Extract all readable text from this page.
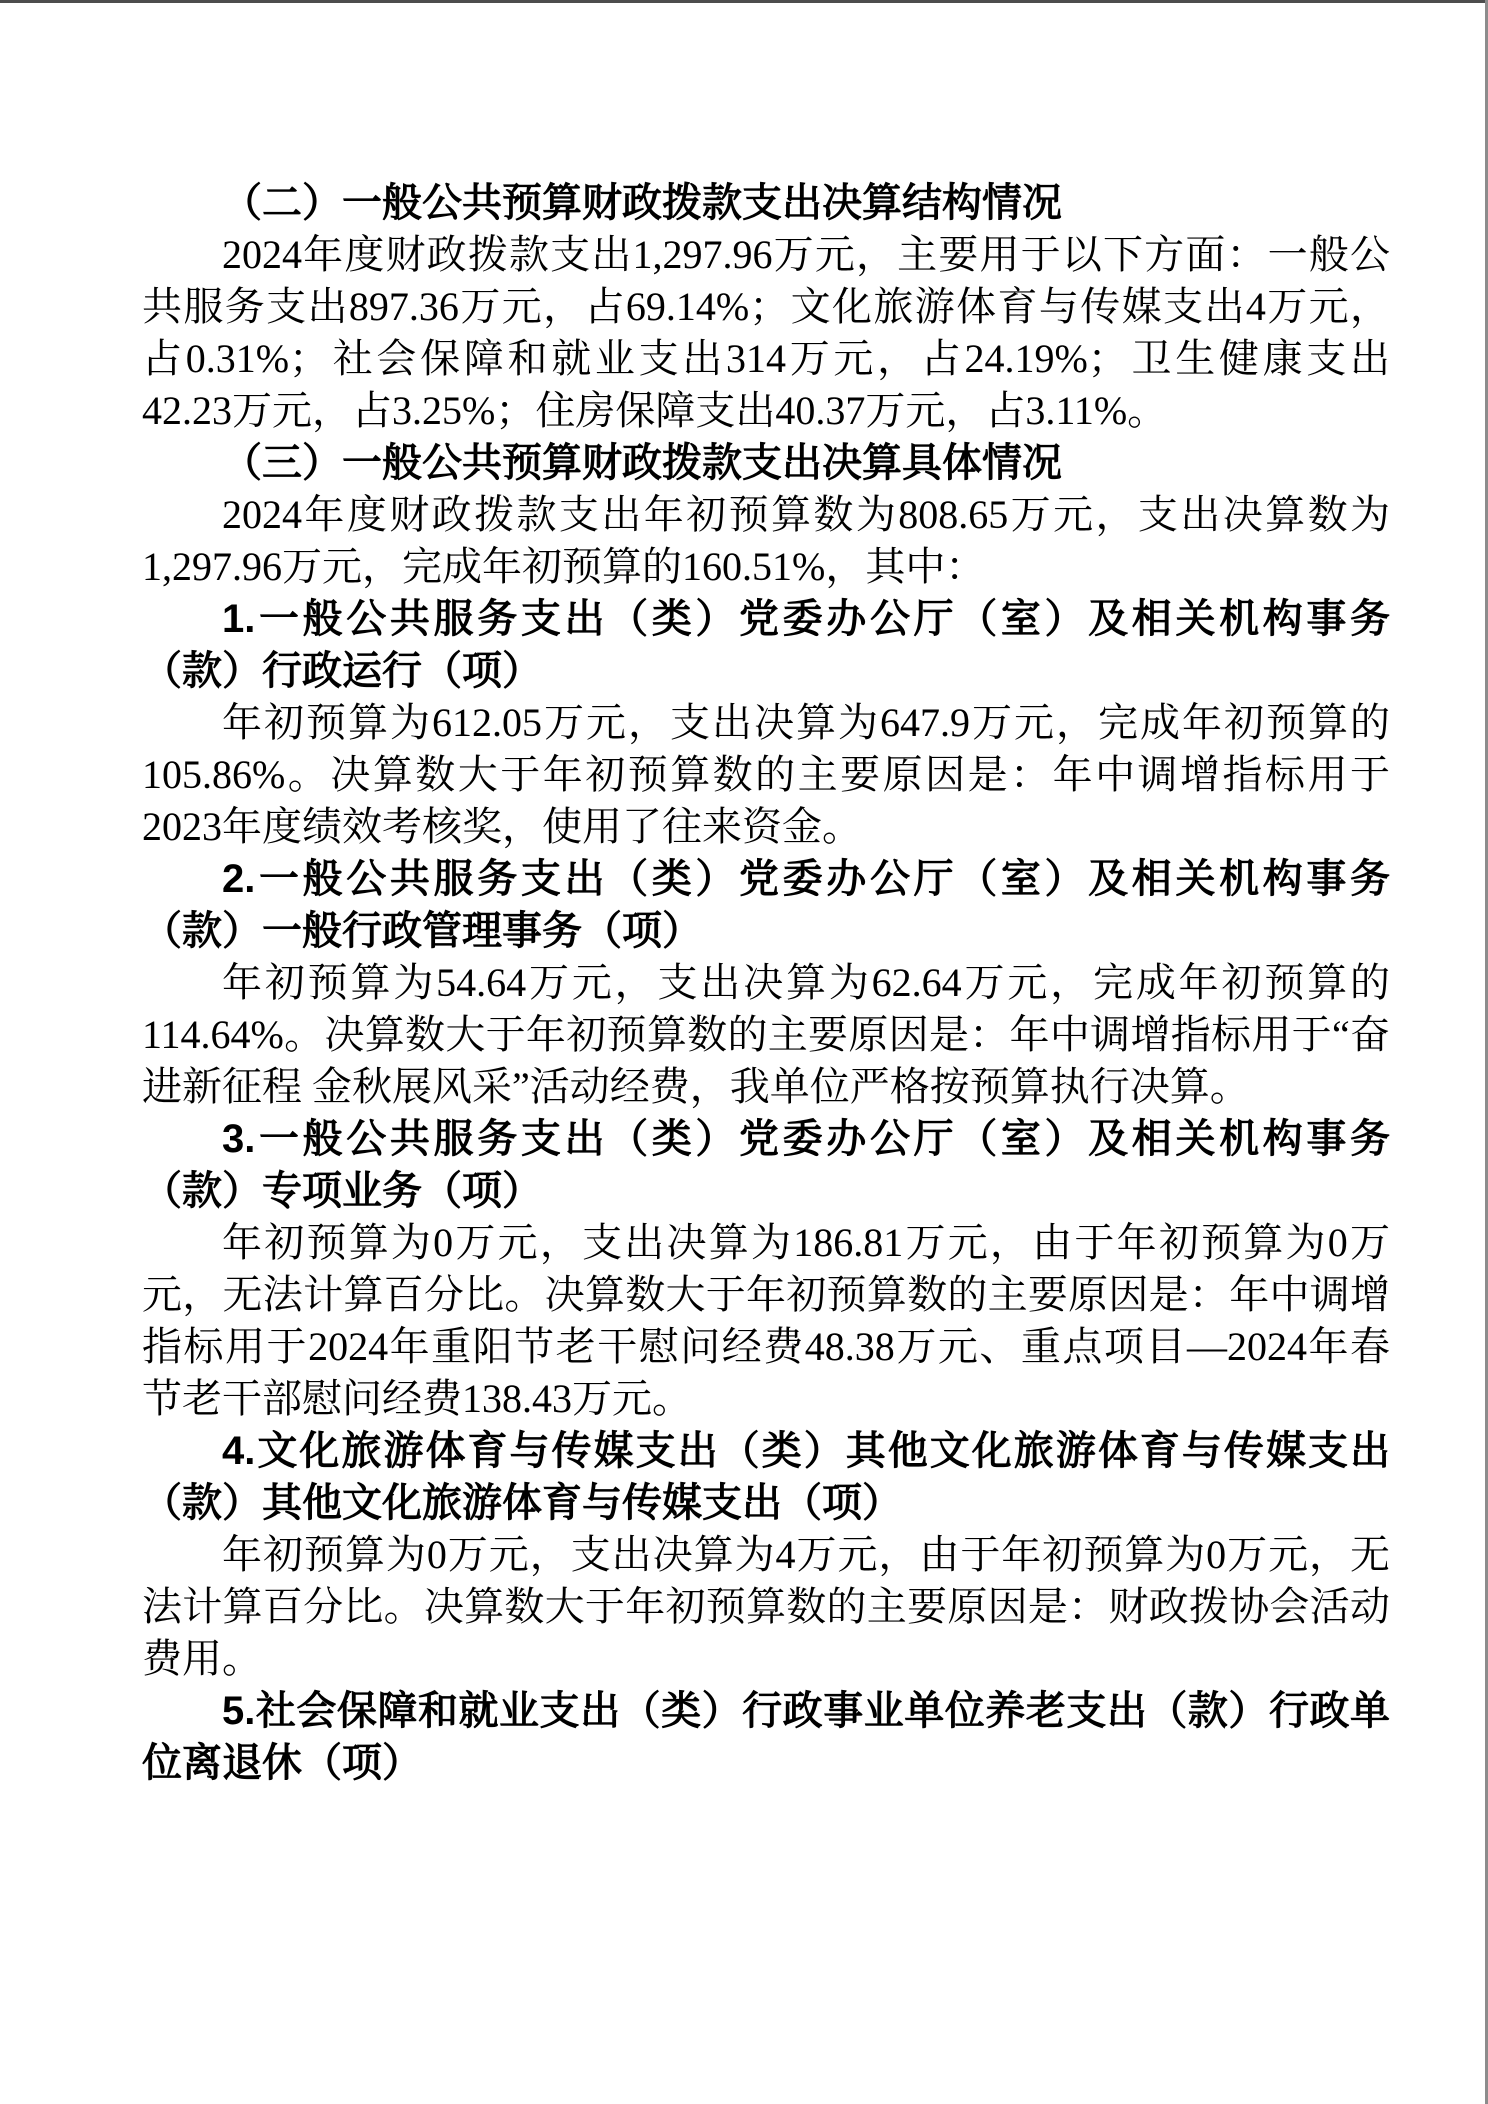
（二）一般公共预算财政拨款支出决算结构情况

2024年度财政拨款支出1,297.96万元，主要用于以下方面：一般公共服务支出897.36万元，占69.14%；文化旅游体育与传媒支出4万元，占0.31%；社会保障和就业支出314万元，占24.19%；卫生健康支出42.23万元，占3.25%；住房保障支出40.37万元，占3.11%。

（三）一般公共预算财政拨款支出决算具体情况

2024年度财政拨款支出年初预算数为808.65万元，支出决算数为1,297.96万元，完成年初预算的160.51%，其中：

1.一般公共服务支出（类）党委办公厅（室）及相关机构事务（款）行政运行（项）

年初预算为612.05万元，支出决算为647.9万元，完成年初预算的105.86%。决算数大于年初预算数的主要原因是：年中调增指标用于2023年度绩效考核奖，使用了往来资金。

2.一般公共服务支出（类）党委办公厅（室）及相关机构事务（款）一般行政管理事务（项）

年初预算为54.64万元，支出决算为62.64万元，完成年初预算的114.64%。决算数大于年初预算数的主要原因是：年中调增指标用于“奋进新征程 金秋展风采”活动经费，我单位严格按预算执行决算。

3.一般公共服务支出（类）党委办公厅（室）及相关机构事务（款）专项业务（项）

年初预算为0万元，支出决算为186.81万元，由于年初预算为0万元，无法计算百分比。决算数大于年初预算数的主要原因是：年中调增指标用于2024年重阳节老干慰问经费48.38万元、重点项目—2024年春节老干部慰问经费138.43万元。

4.文化旅游体育与传媒支出（类）其他文化旅游体育与传媒支出（款）其他文化旅游体育与传媒支出（项）

年初预算为0万元，支出决算为4万元，由于年初预算为0万元，无法计算百分比。决算数大于年初预算数的主要原因是：财政拨协会活动费用。

5.社会保障和就业支出（类）行政事业单位养老支出（款）行政单位离退休（项）
